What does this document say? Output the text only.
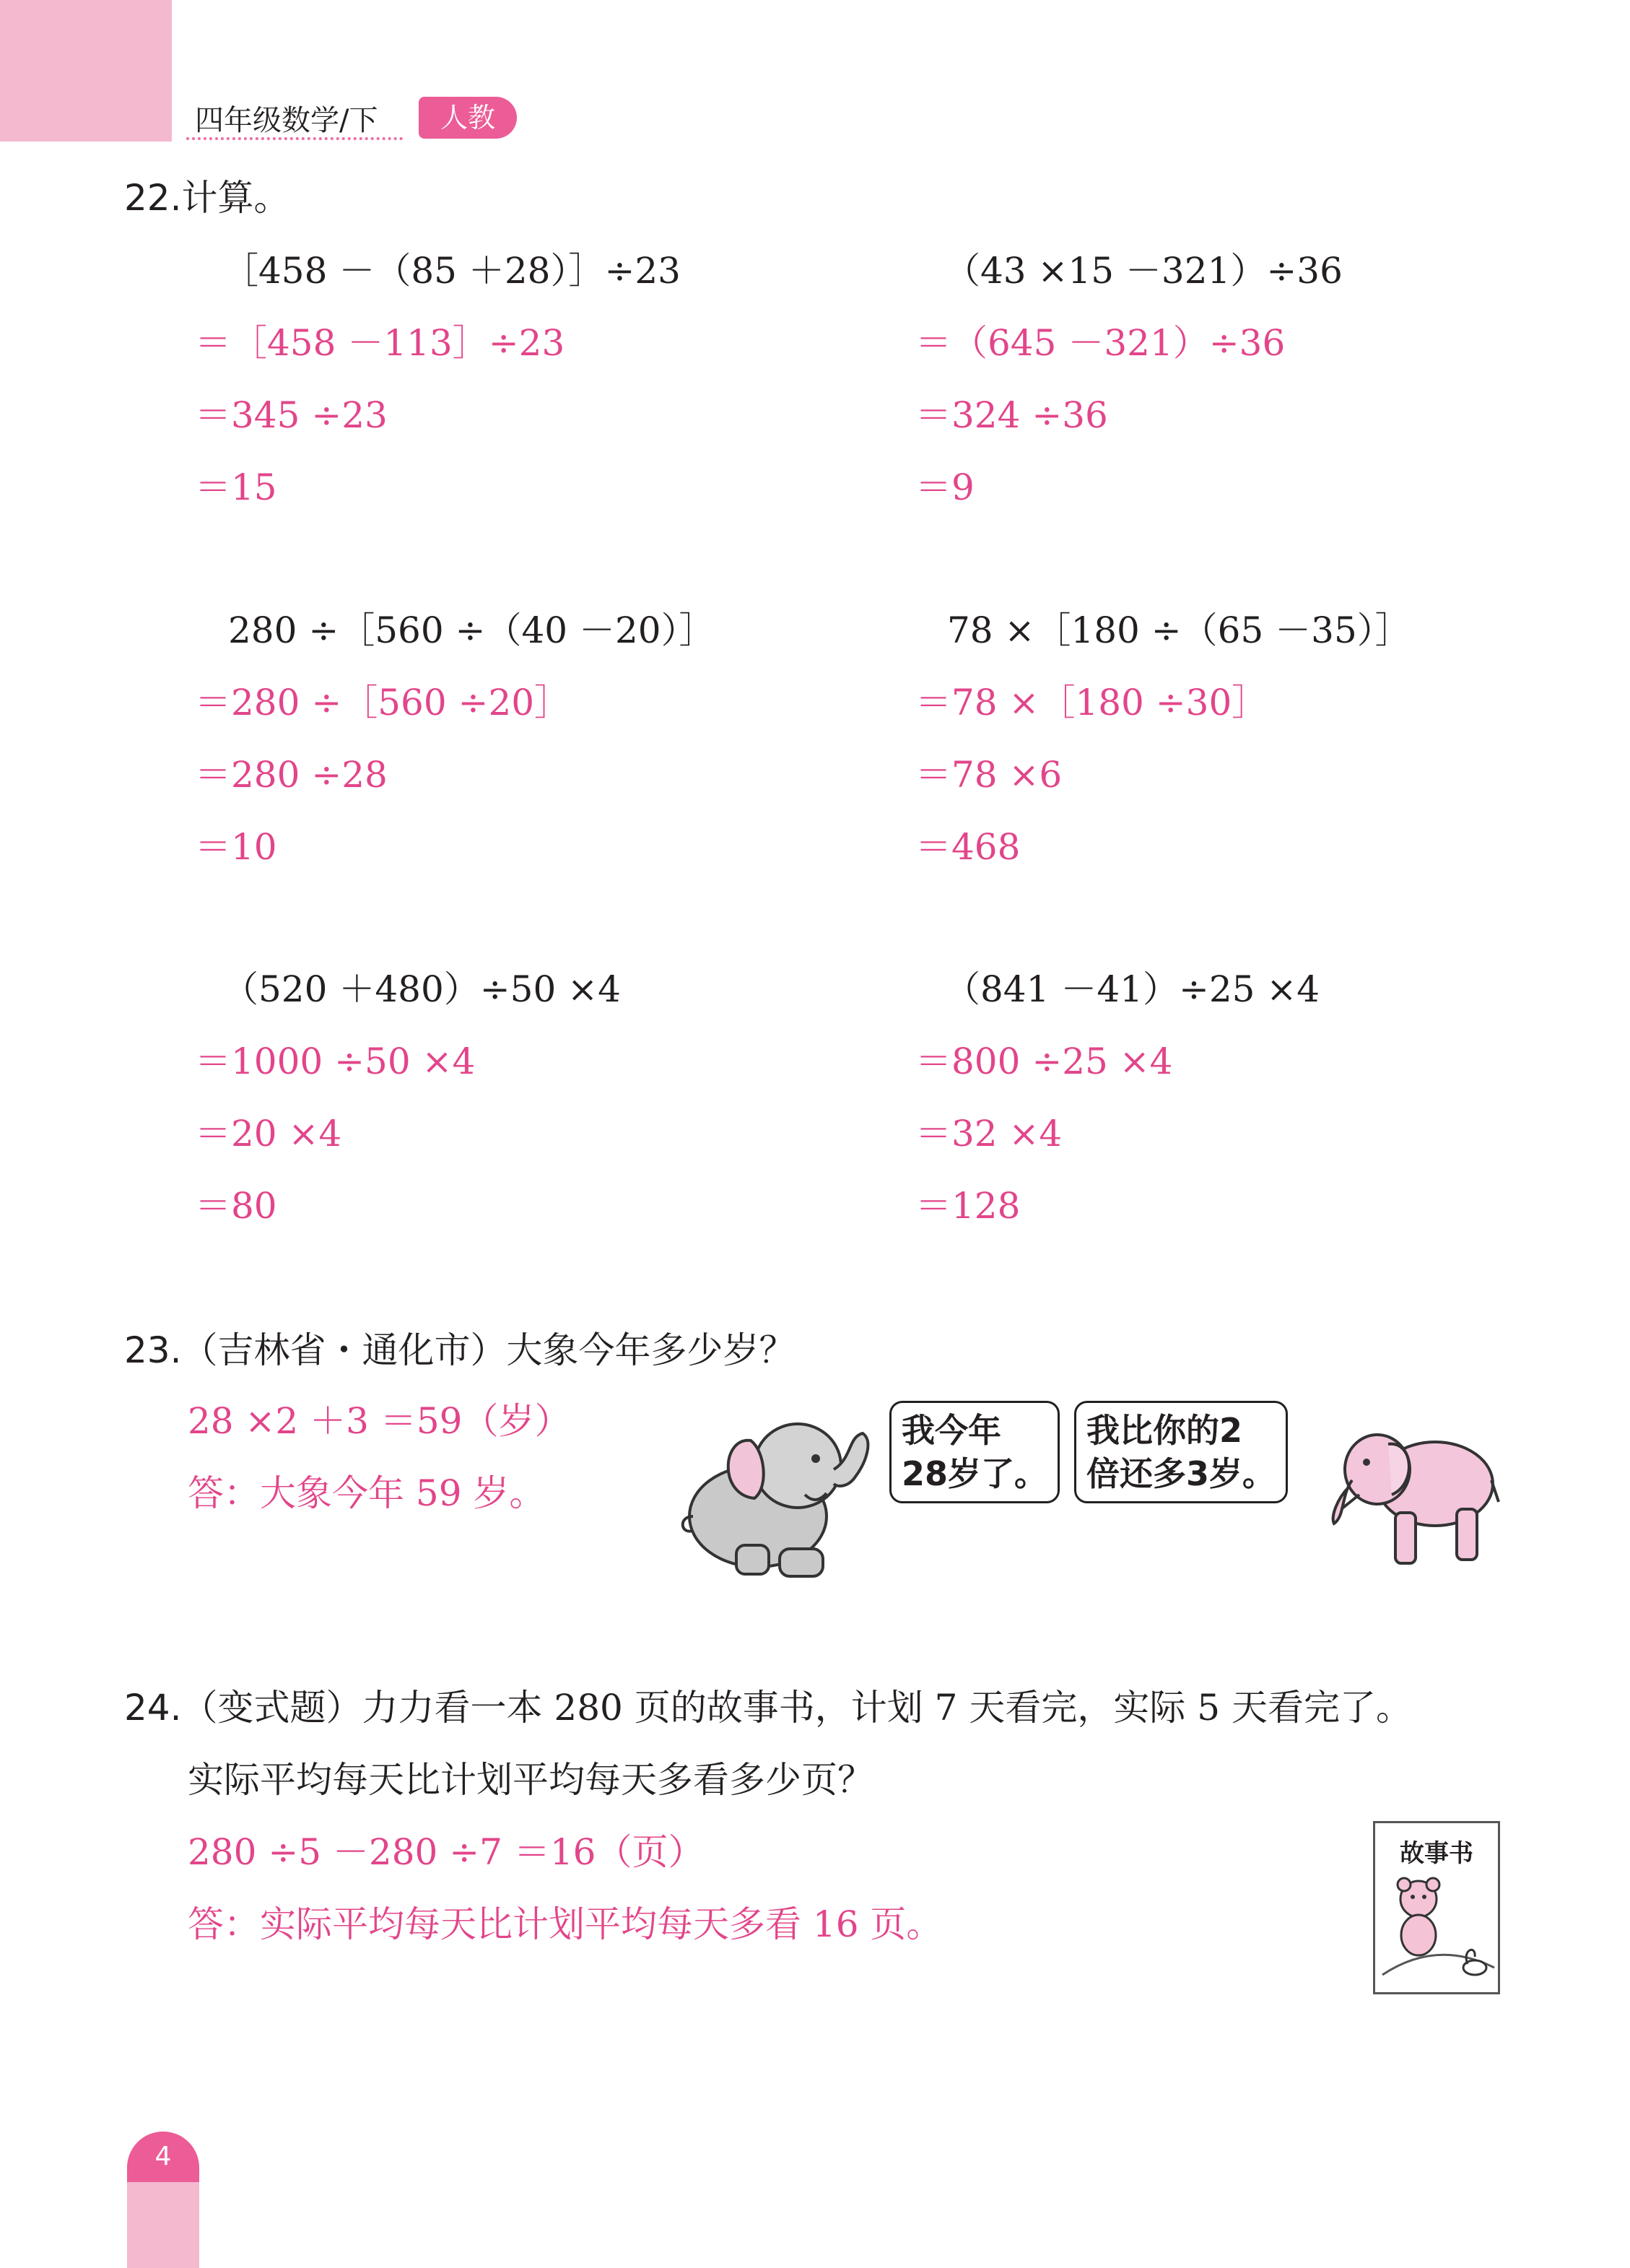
四年级数学/下	人教
22.计算。
［458 －（85 ＋28）］÷23
＝［458 －113］÷23
＝345 ÷23
＝15
（43 ×15 －321）÷36
＝（645 －321）÷36
＝324 ÷36
＝9
280 ÷［560 ÷（40 －20）］
＝280 ÷［560 ÷20］
＝280 ÷28
＝10
78 ×［180 ÷（65 －35）］
＝78 ×［180 ÷30］
＝78 ×6
＝468
（520 ＋480）÷50 ×4
＝1000 ÷50 ×4
＝20 ×4
＝80
（841 －41）÷25 ×4
＝800 ÷25 ×4
＝32 ×4
＝128
23.（吉林省・通化市）大象今年多少岁？
28 ×2 ＋3 ＝59（岁）
答：大象今年 59 岁。
我今年
28岁了。
我比你的2
倍还多3岁。
24.（变式题）力力看一本 280 页的故事书，计划 7 天看完，实际 5 天看完了。
实际平均每天比计划平均每天多看多少页？
280 ÷5 －280 ÷7 ＝16（页）
答：实际平均每天比计划平均每天多看 16 页。
故事书
4
